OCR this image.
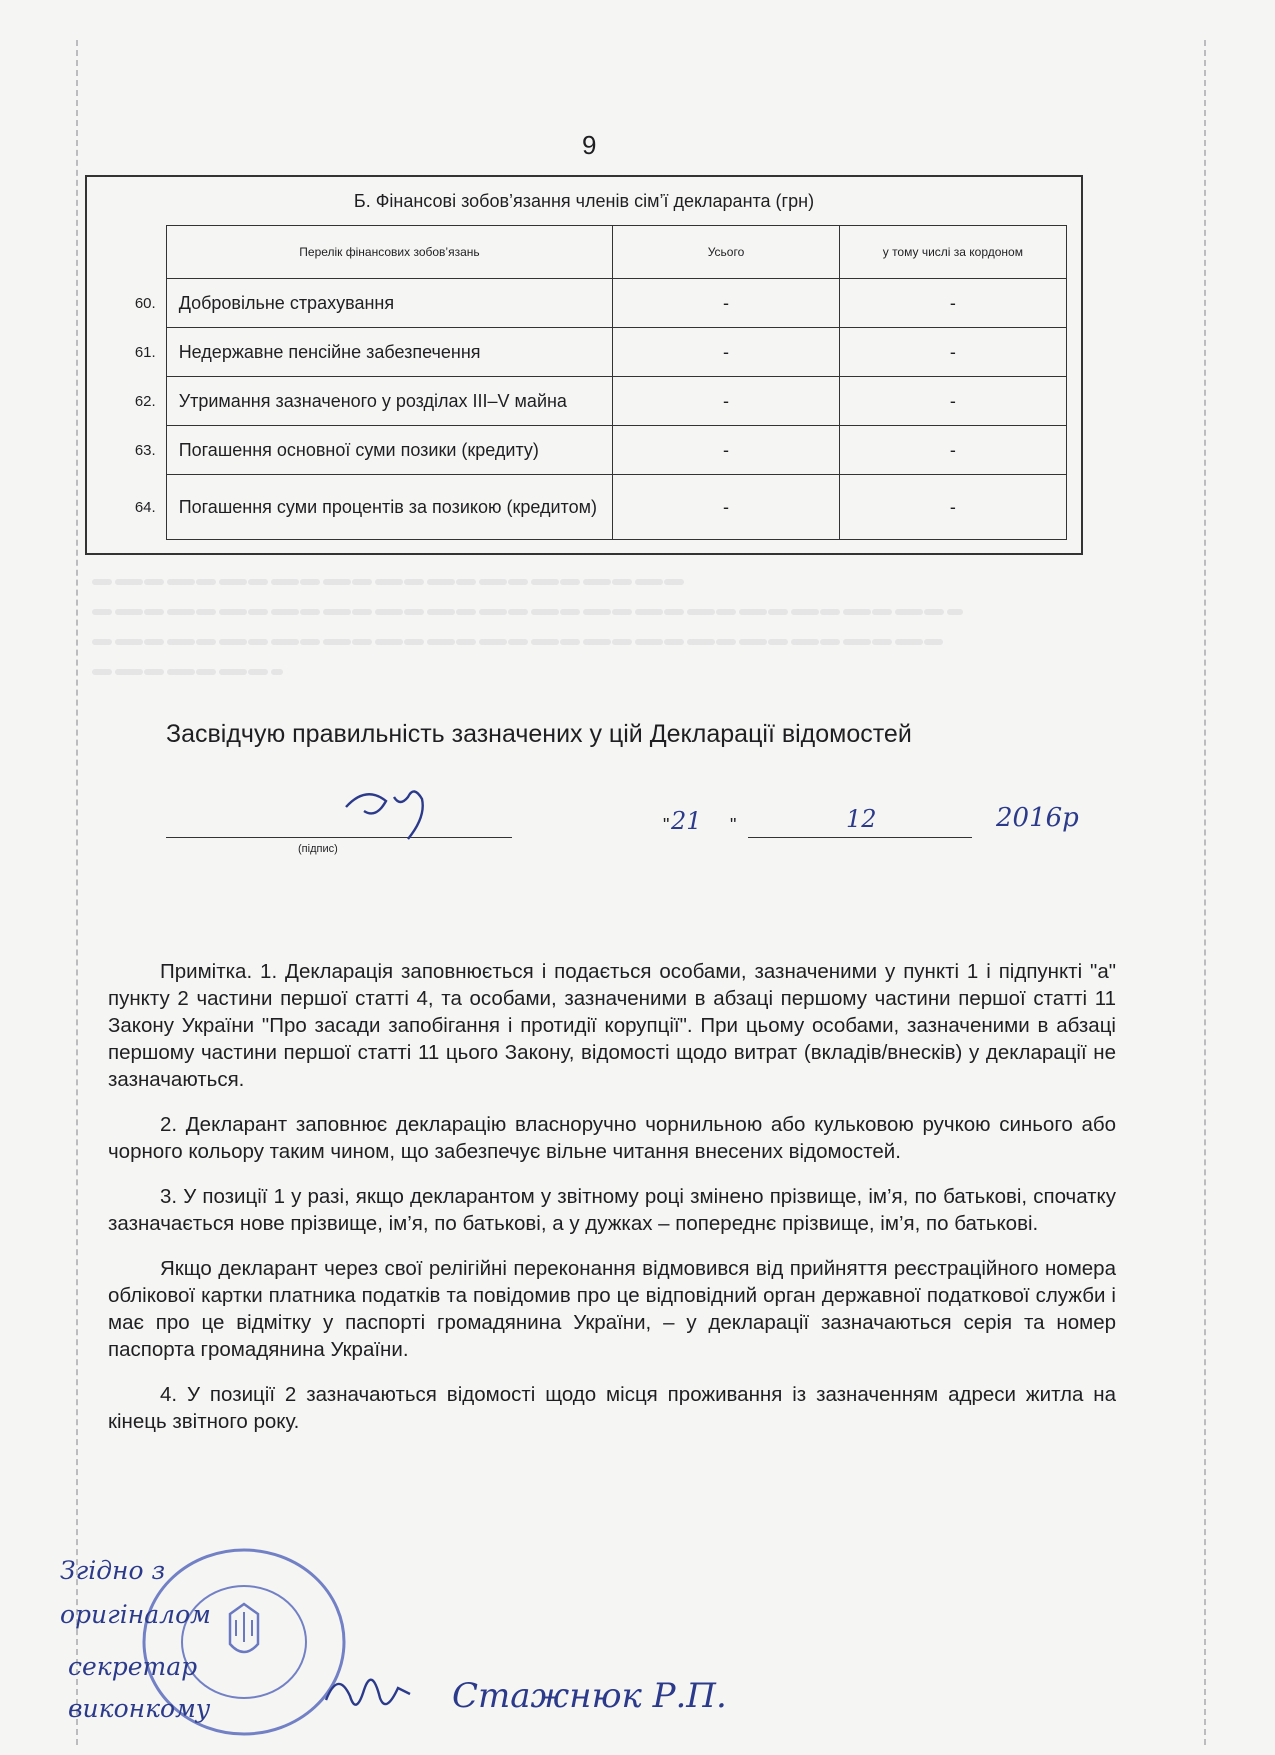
9
Б. Фінансові зобов’язання членів сім’ї декларанта (грн)
	Перелік фінансових зобов’язань	Усього	у тому числі за кордоном
60.	Добровільне страхування	-	-
61.	Недержавне пенсійне забезпечення	-	-
62.	Утримання зазначеного у розділах III–V майна	-	-
63.	Погашення основної суми позики (кредиту)	-	-
64.	Погашення суми процентів за позикою (кредитом)	-	-
Засвідчую правильність зазначених у цій Декларації відомостей
(підпис)
" 21 "	12	2016р

Примітка. 1. Декларація заповнюється і подається особами, зазначеними у пункті 1 і підпункті "а" пункту 2 частини першої статті 4, та особами, зазначеними в абзаці першому частини першої статті 11 Закону України "Про засади запобігання і протидії корупції". При цьому особами, зазначеними в абзаці першому частини першої статті 11 цього Закону, відомості щодо витрат (вкладів/внесків) у декларації не зазначаються.

2. Декларант заповнює декларацію власноручно чорнильною або кульковою ручкою синього або чорного кольору таким чином, що забезпечує вільне читання внесених відомостей.

3. У позиції 1 у разі, якщо декларантом у звітному році змінено прізвище, ім’я, по батькові, спочатку зазначається нове прізвище, ім’я, по батькові, а у дужках – попереднє прізвище, ім’я, по батькові.

Якщо декларант через свої релігійні переконання відмовився від прийняття реєстраційного номера облікової картки платника податків та повідомив про це відповідний орган державної податкової служби і має про це відмітку у паспорті громадянина України, – у декларації зазначаються серія та номер паспорта громадянина України.

4. У позиції 2 зазначаються відомості щодо місця проживання із зазначенням адреси житла на кінець звітного року.

Згідно з
оригіналом
секретар
виконкому	Стажнюк Р.П.
